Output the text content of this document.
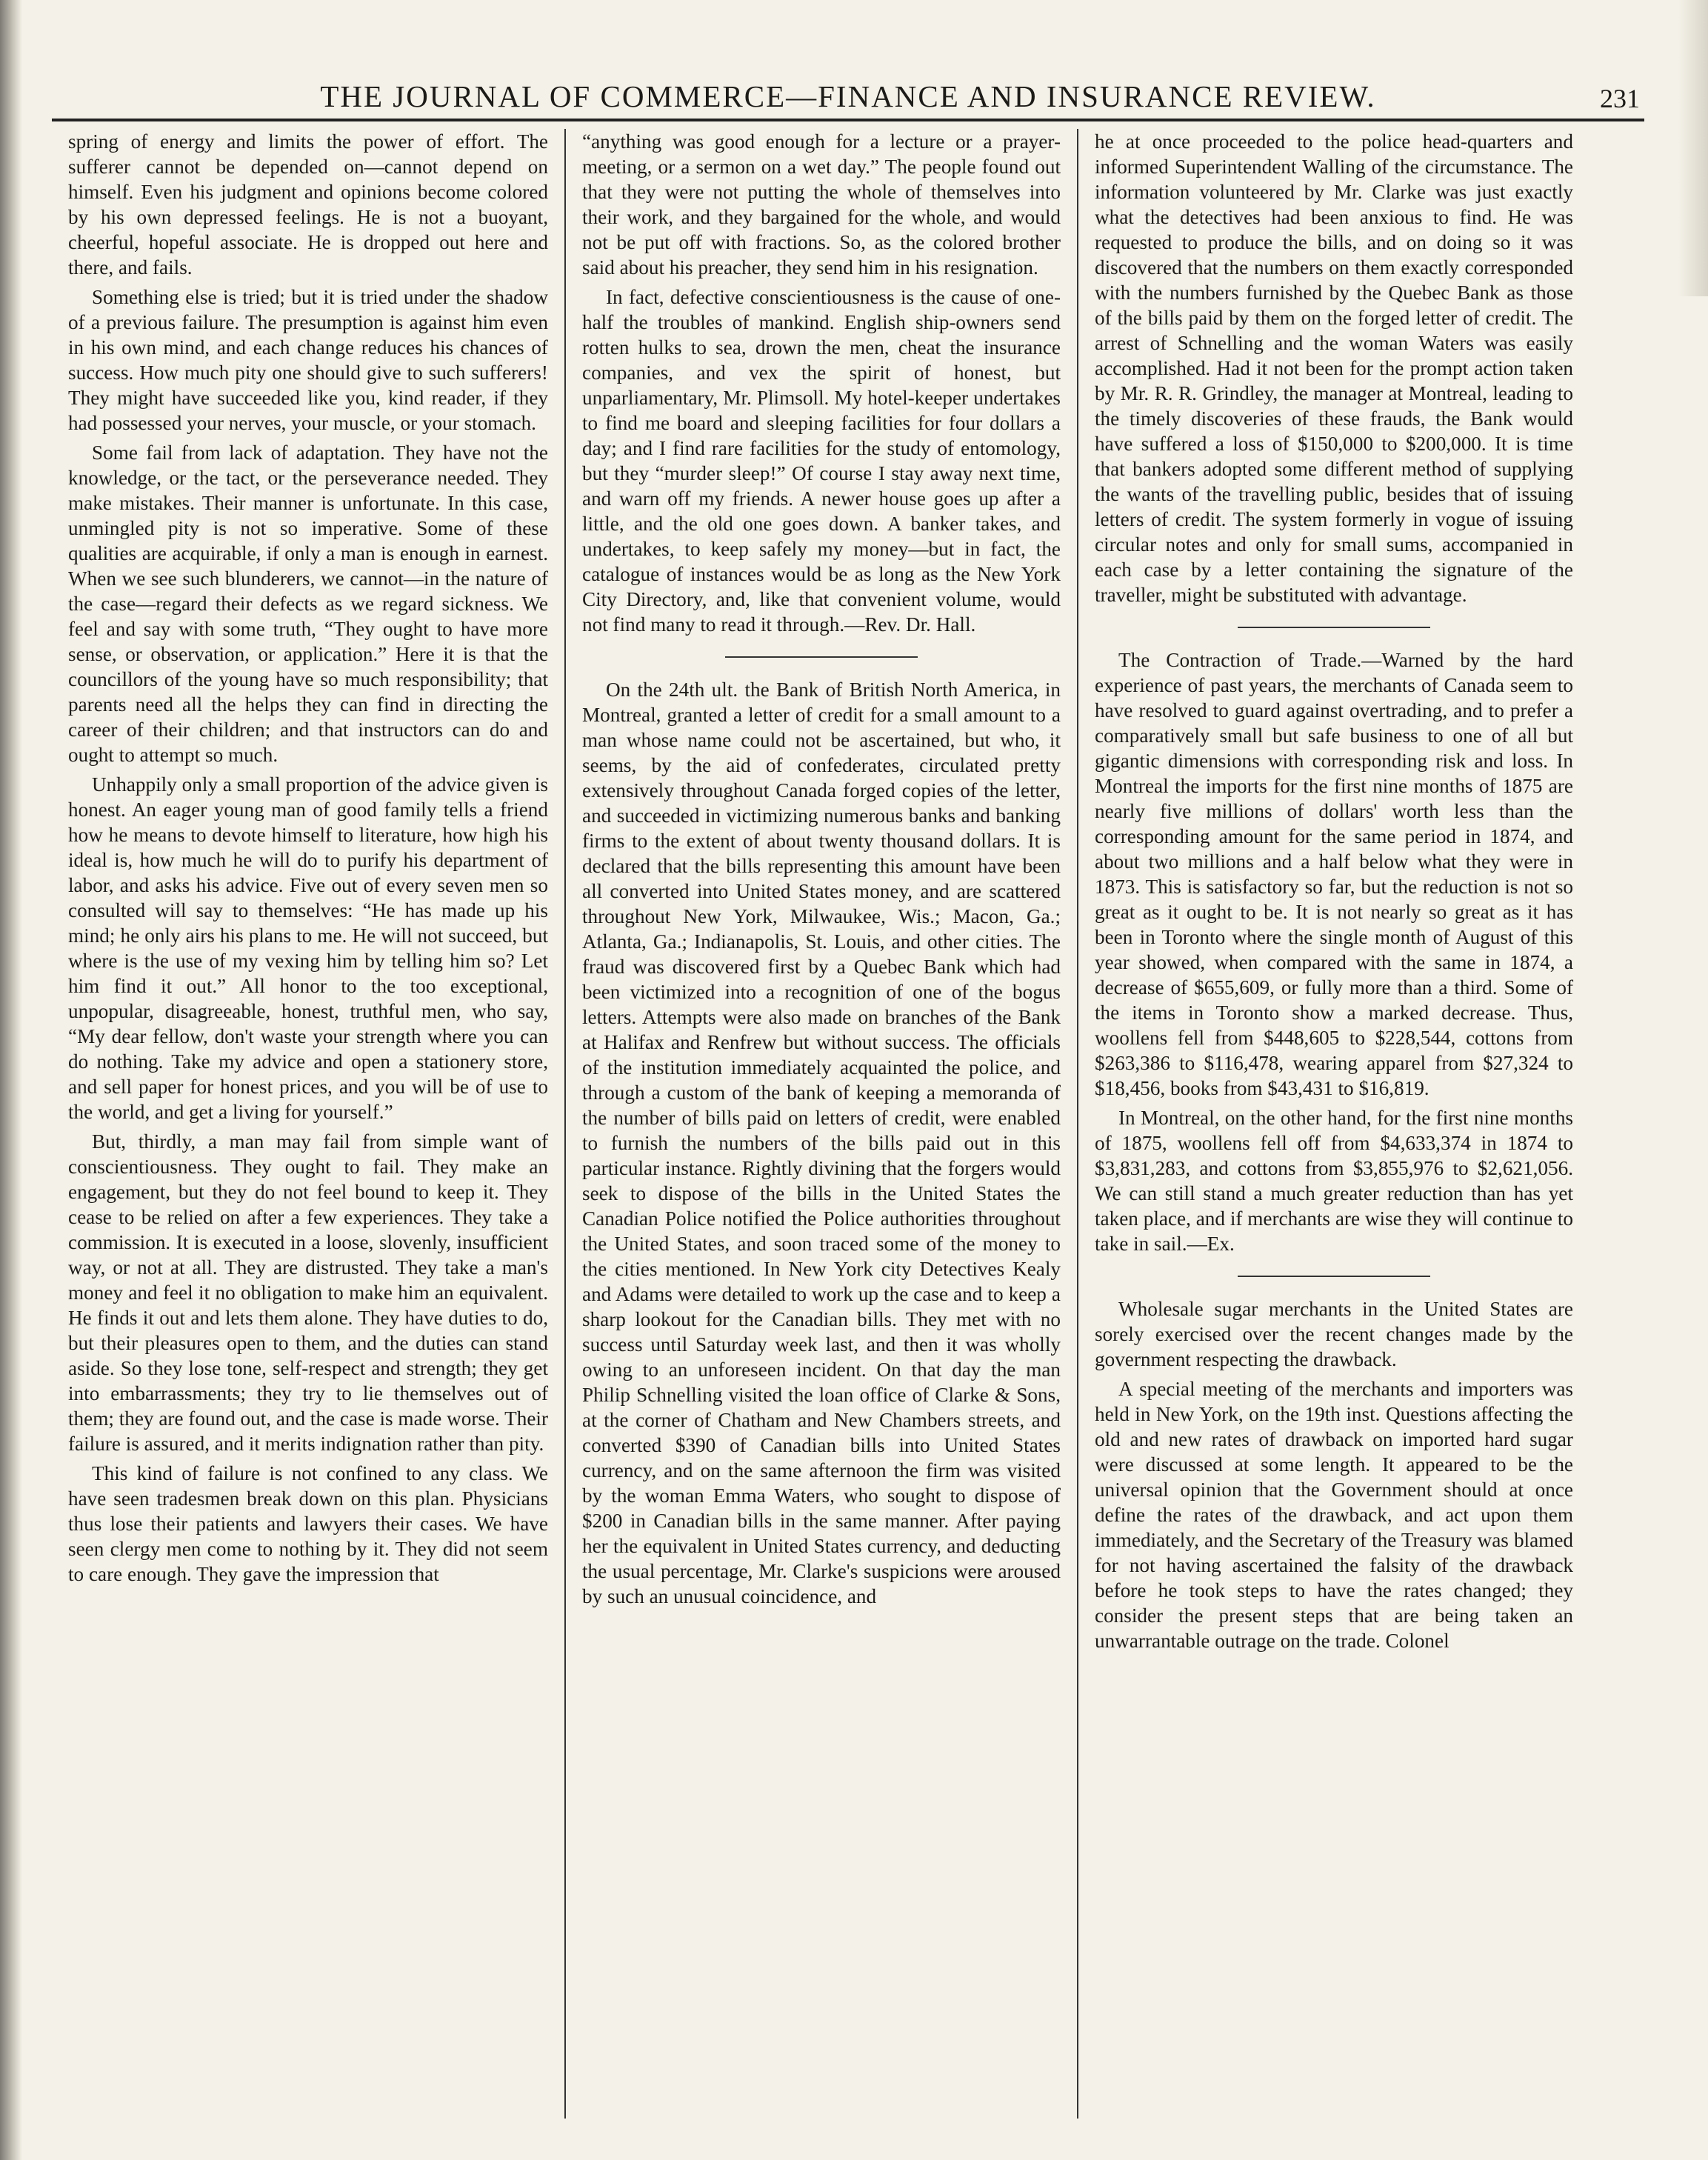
THE JOURNAL OF COMMERCE—FINANCE AND INSURANCE REVIEW.	231

spring of energy and limits the power of effort. The sufferer cannot be depended on—cannot depend on himself. Even his judgment and opinions become colored by his own depressed feelings. He is not a buoyant, cheerful, hopeful associate. He is dropped out here and there, and fails.

Something else is tried; but it is tried under the shadow of a previous failure. The presumption is against him even in his own mind, and each change reduces his chances of success. How much pity one should give to such sufferers! They might have succeeded like you, kind reader, if they had possessed your nerves, your muscle, or your stomach.

Some fail from lack of adaptation. They have not the knowledge, or the tact, or the perseverance needed. They make mistakes. Their manner is unfortunate. In this case, unmingled pity is not so imperative. Some of these qualities are acquirable, if only a man is enough in earnest. When we see such blunderers, we cannot—in the nature of the case—regard their defects as we regard sickness. We feel and say with some truth, “They ought to have more sense, or observation, or application.” Here it is that the councillors of the young have so much responsibility; that parents need all the helps they can find in directing the career of their children; and that instructors can do and ought to attempt so much.

Unhappily only a small proportion of the advice given is honest. An eager young man of good family tells a friend how he means to devote himself to literature, how high his ideal is, how much he will do to purify his department of labor, and asks his advice. Five out of every seven men so consulted will say to themselves: “He has made up his mind; he only airs his plans to me. He will not succeed, but where is the use of my vexing him by telling him so? Let him find it out.” All honor to the too exceptional, unpopular, disagreeable, honest, truthful men, who say, “My dear fellow, don't waste your strength where you can do nothing. Take my advice and open a stationery store, and sell paper for honest prices, and you will be of use to the world, and get a living for yourself.”

But, thirdly, a man may fail from simple want of conscientiousness. They ought to fail. They make an engagement, but they do not feel bound to keep it. They cease to be relied on after a few experiences. They take a commission. It is executed in a loose, slovenly, insufficient way, or not at all. They are distrusted. They take a man's money and feel it no obligation to make him an equivalent. He finds it out and lets them alone. They have duties to do, but their pleasures open to them, and the duties can stand aside. So they lose tone, self-respect and strength; they get into embarrassments; they try to lie themselves out of them; they are found out, and the case is made worse. Their failure is assured, and it merits indignation rather than pity.

This kind of failure is not confined to any class. We have seen tradesmen break down on this plan. Physicians thus lose their patients and lawyers their cases. We have seen clergy men come to nothing by it. They did not seem to care enough. They gave the impression that

“anything was good enough for a lecture or a prayer-meeting, or a sermon on a wet day.” The people found out that they were not putting the whole of themselves into their work, and they bargained for the whole, and would not be put off with fractions. So, as the colored brother said about his preacher, they send him in his resignation.

In fact, defective conscientiousness is the cause of one-half the troubles of mankind. English ship-owners send rotten hulks to sea, drown the men, cheat the insurance companies, and vex the spirit of honest, but unparliamentary, Mr. Plimsoll. My hotel-keeper undertakes to find me board and sleeping facilities for four dollars a day; and I find rare facilities for the study of entomology, but they “murder sleep!” Of course I stay away next time, and warn off my friends. A newer house goes up after a little, and the old one goes down. A banker takes, and undertakes, to keep safely my money—but in fact, the catalogue of instances would be as long as the New York City Directory, and, like that convenient volume, would not find many to read it through.—Rev. Dr. Hall.

On the 24th ult. the Bank of British North America, in Montreal, granted a letter of credit for a small amount to a man whose name could not be ascertained, but who, it seems, by the aid of confederates, circulated pretty extensively throughout Canada forged copies of the letter, and succeeded in victimizing numerous banks and banking firms to the extent of about twenty thousand dollars. It is declared that the bills representing this amount have been all converted into United States money, and are scattered throughout New York, Milwaukee, Wis.; Macon, Ga.; Atlanta, Ga.; Indianapolis, St. Louis, and other cities. The fraud was discovered first by a Quebec Bank which had been victimized into a recognition of one of the bogus letters. Attempts were also made on branches of the Bank at Halifax and Renfrew but without success. The officials of the institution immediately acquainted the police, and through a custom of the bank of keeping a memoranda of the number of bills paid on letters of credit, were enabled to furnish the numbers of the bills paid out in this particular instance. Rightly divining that the forgers would seek to dispose of the bills in the United States the Canadian Police notified the Police authorities throughout the United States, and soon traced some of the money to the cities mentioned. In New York city Detectives Kealy and Adams were detailed to work up the case and to keep a sharp lookout for the Canadian bills. They met with no success until Saturday week last, and then it was wholly owing to an unforeseen incident. On that day the man Philip Schnelling visited the loan office of Clarke & Sons, at the corner of Chatham and New Chambers streets, and converted $390 of Canadian bills into United States currency, and on the same afternoon the firm was visited by the woman Emma Waters, who sought to dispose of $200 in Canadian bills in the same manner. After paying her the equivalent in United States currency, and deducting the usual percentage, Mr. Clarke's suspicions were aroused by such an unusual coincidence, and

he at once proceeded to the police head-quarters and informed Superintendent Walling of the circumstance. The information volunteered by Mr. Clarke was just exactly what the detectives had been anxious to find. He was requested to produce the bills, and on doing so it was discovered that the numbers on them exactly corresponded with the numbers furnished by the Quebec Bank as those of the bills paid by them on the forged letter of credit. The arrest of Schnelling and the woman Waters was easily accomplished. Had it not been for the prompt action taken by Mr. R. R. Grindley, the manager at Montreal, leading to the timely discoveries of these frauds, the Bank would have suffered a loss of $150,000 to $200,000. It is time that bankers adopted some different method of supplying the wants of the travelling public, besides that of issuing letters of credit. The system formerly in vogue of issuing circular notes and only for small sums, accompanied in each case by a letter containing the signature of the traveller, might be substituted with advantage.

The Contraction of Trade.—Warned by the hard experience of past years, the merchants of Canada seem to have resolved to guard against overtrading, and to prefer a comparatively small but safe business to one of all but gigantic dimensions with corresponding risk and loss. In Montreal the imports for the first nine months of 1875 are nearly five millions of dollars' worth less than the corresponding amount for the same period in 1874, and about two millions and a half below what they were in 1873. This is satisfactory so far, but the reduction is not so great as it ought to be. It is not nearly so great as it has been in Toronto where the single month of August of this year showed, when compared with the same in 1874, a decrease of $655,609, or fully more than a third. Some of the items in Toronto show a marked decrease. Thus, woollens fell from $448,605 to $228,544, cottons from $263,386 to $116,478, wearing apparel from $27,324 to $18,456, books from $43,431 to $16,819.

In Montreal, on the other hand, for the first nine months of 1875, woollens fell off from $4,633,374 in 1874 to $3,831,283, and cottons from $3,855,976 to $2,621,056. We can still stand a much greater reduction than has yet taken place, and if merchants are wise they will continue to take in sail.—Ex.

Wholesale sugar merchants in the United States are sorely exercised over the recent changes made by the government respecting the drawback.

A special meeting of the merchants and importers was held in New York, on the 19th inst. Questions affecting the old and new rates of drawback on imported hard sugar were discussed at some length. It appeared to be the universal opinion that the Government should at once define the rates of the drawback, and act upon them immediately, and the Secretary of the Treasury was blamed for not having ascertained the falsity of the drawback before he took steps to have the rates changed; they consider the present steps that are being taken an unwarrantable outrage on the trade. Colonel
